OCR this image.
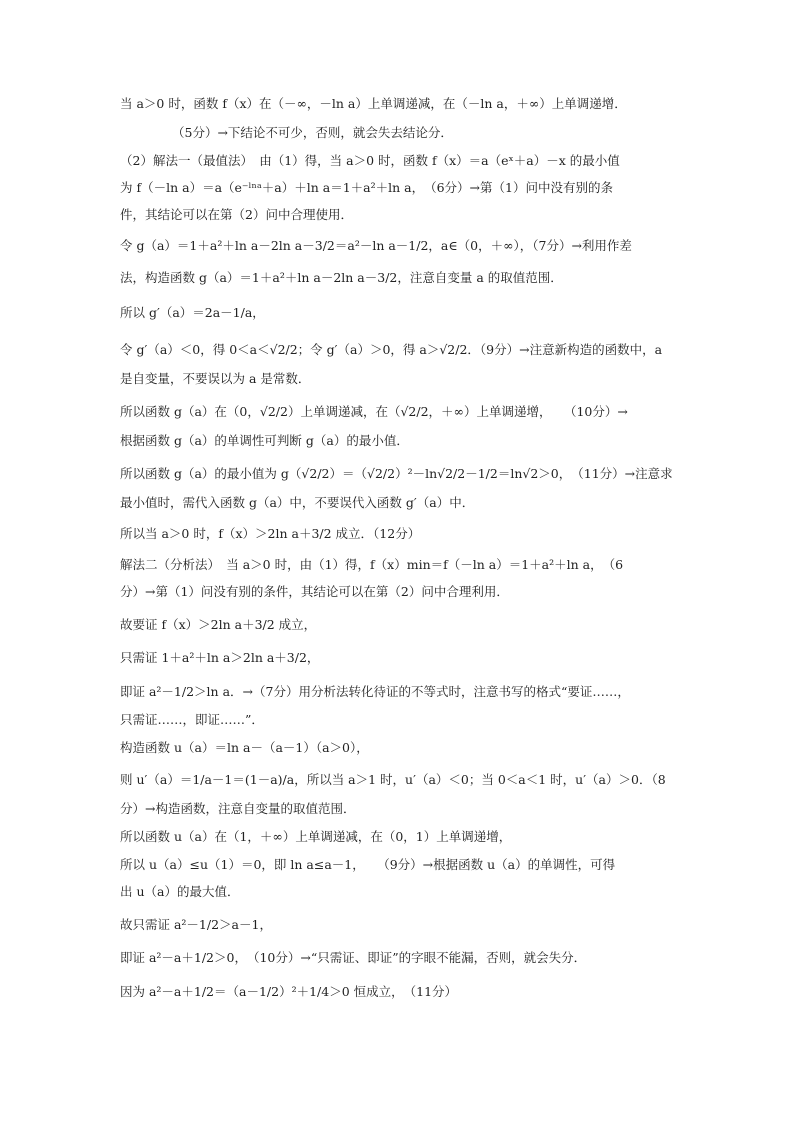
当 a＞0 时，函数 f（x）在（－∞，－ln a）上单调递减，在（－ln a，＋∞）上单调递增．
（5分）→下结论不可少，否则，就会失去结论分．
（2）解法一（最值法）　由（1）得，当 a＞0 时，函数 f（x）＝a（eˣ＋a）－x 的最小值
为 f（－ln a）＝a（e⁻ˡⁿᵃ＋a）＋ln a＝1＋a²＋ln a，　（6分）→第（1）问中没有别的条
件，其结论可以在第（2）问中合理使用．
令 g（a）＝1＋a²＋ln a－2ln a－3/2＝a²－ln a－1/2，a∈（0，＋∞），（7分）→利用作差
法，构造函数 g（a）＝1＋a²＋ln a－2ln a－3/2，注意自变量 a 的取值范围．
所以 g′（a）＝2a－1/a，
令 g′（a）＜0，得 0＜a＜√2/2；令 g′（a）＞0，得 a＞√2/2．（9分）→注意新构造的函数中，a
是自变量，不要误以为 a 是常数．
所以函数 g（a）在（0，√2/2）上单调递减，在（√2/2，＋∞）上单调递增，　　（10分）→
根据函数 g（a）的单调性可判断 g（a）的最小值．
所以函数 g（a）的最小值为 g（√2/2）＝（√2/2）²－ln√2/2－1/2＝ln√2＞0，　（11分）→注意求
最小值时，需代入函数 g（a）中，不要误代入函数 g′（a）中．
所以当 a＞0 时，f（x）＞2ln a＋3/2 成立．（12分）
解法二（分析法）　当 a＞0 时，由（1）得，f（x）min＝f（－ln a）＝1＋a²＋ln a，　（6
分）→第（1）问没有别的条件，其结论可以在第（2）问中合理利用．
故要证 f（x）＞2ln a＋3/2 成立，
只需证 1＋a²＋ln a＞2ln a＋3/2，
即证 a²－1/2＞ln a．→（7分）用分析法转化待证的不等式时，注意书写的格式“要证……，
只需证……，即证……”．
构造函数 u（a）＝ln a－（a－1）（a＞0），
则 u′（a）＝1/a－1＝(1－a)/a，所以当 a＞1 时，u′（a）＜0；当 0＜a＜1 时，u′（a）＞0．（8
分）→构造函数，注意自变量的取值范围．
所以函数 u（a）在（1，＋∞）上单调递减，在（0，1）上单调递增，
所以 u（a）≤u（1）＝0，即 ln a≤a－1，　　（9分）→根据函数 u（a）的单调性，可得
出 u（a）的最大值．
故只需证 a²－1/2＞a－1，
即证 a²－a＋1/2＞0，　（10分）→“只需证、即证”的字眼不能漏，否则，就会失分．
因为 a²－a＋1/2＝（a－1/2）²＋1/4＞0 恒成立，　（11分）
